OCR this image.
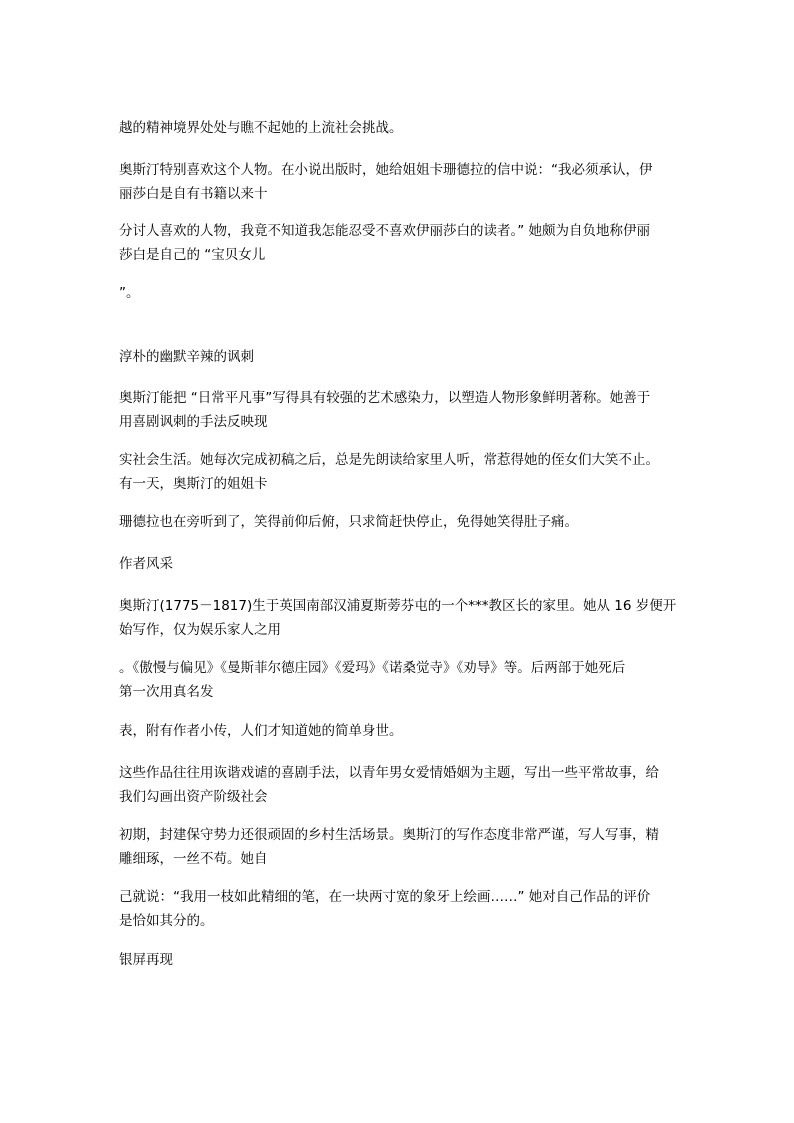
越的精神境界处处与瞧不起她的上流社会挑战。

奥斯汀特别喜欢这个人物。在小说出版时，她给姐姐卡珊德拉的信中说：“我必须承认，伊
丽莎白是自有书籍以来十

分讨人喜欢的人物，我竟不知道我怎能忍受不喜欢伊丽莎白的读者。” 她颇为自负地称伊丽
莎白是自己的 “宝贝女儿

”。

淳朴的幽默辛辣的讽刺

奥斯汀能把 “日常平凡事”写得具有较强的艺术感染力，以塑造人物形象鲜明著称。她善于
用喜剧讽刺的手法反映现

实社会生活。她每次完成初稿之后，总是先朗读给家里人听，常惹得她的侄女们大笑不止。
有一天，奥斯汀的姐姐卡

珊德拉也在旁听到了，笑得前仰后俯，只求简赶快停止，免得她笑得肚子痛。

作者风采

奥斯汀(1775－1817)生于英国南部汉浦夏斯蒡芬屯的一个***教区长的家里。她从 16 岁便开
始写作，仅为娱乐家人之用

。《傲慢与偏见》《曼斯菲尔德庄园》《爱玛》《诺桑觉寺》《劝导》等。后两部于她死后
第一次用真名发

表，附有作者小传，人们才知道她的简单身世。

这些作品往往用诙谐戏谑的喜剧手法，以青年男女爱情婚姻为主题，写出一些平常故事，给
我们勾画出资产阶级社会

初期，封建保守势力还很顽固的乡村生活场景。奥斯汀的写作态度非常严谨，写人写事，精
雕细琢，一丝不苟。她自

己就说：“我用一枝如此精细的笔，在一块两寸宽的象牙上绘画……” 她对自己作品的评价
是恰如其分的。

银屏再现
